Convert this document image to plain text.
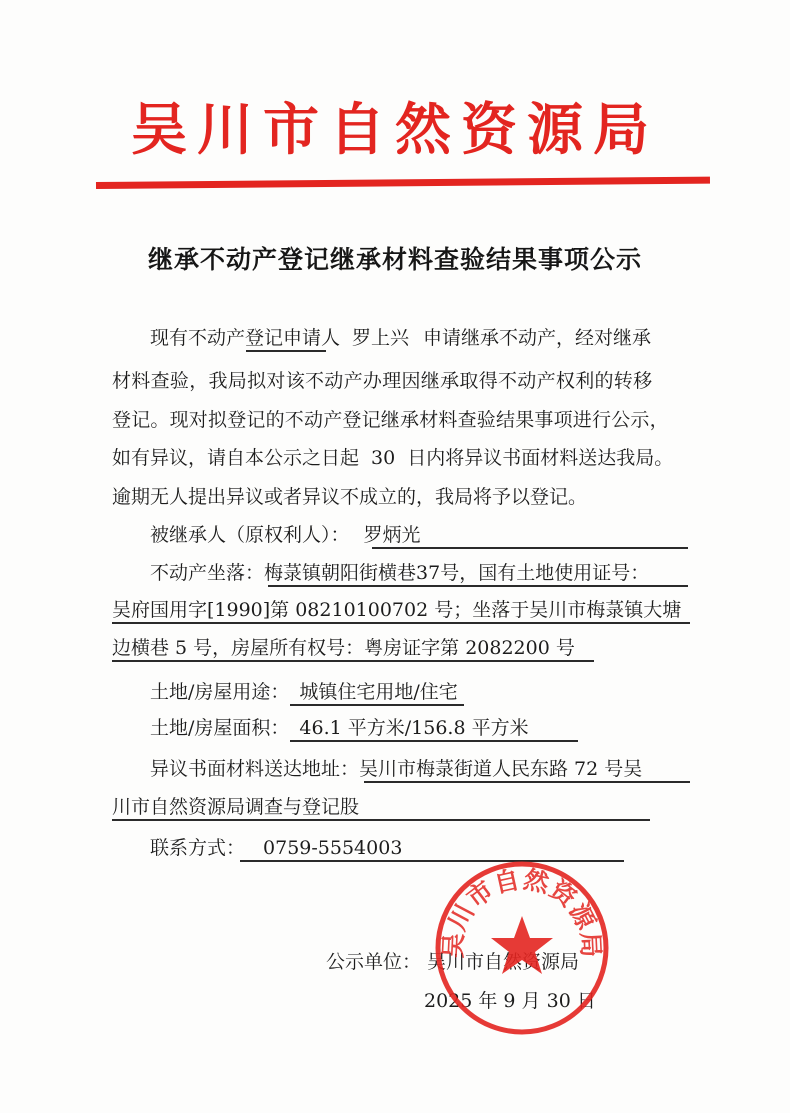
吴川市自然资源局
继承不动产登记继承材料查验结果事项公示
现有不动产登记申请人 罗上兴 申请继承不动产，经对继承
材料查验，我局拟对该不动产办理因继承取得不动产权利的转移
登记。现对拟登记的不动产登记继承材料查验结果事项进行公示，
如有异议，请自本公示之日起 30 日内将异议书面材料送达我局。
逾期无人提出异议或者异议不成立的，我局将予以登记。
被继承人（原权利人）： 罗炳光
不动产坐落：梅菉镇朝阳街横巷37号，国有土地使用证号：
吴府国用字[1990]第 08210100702 号；坐落于吴川市梅菉镇大塘
边横巷 5 号，房屋所有权号：粤房证字第 2082200 号
土地/房屋用途： 城镇住宅用地/住宅
土地/房屋面积： 46.1 平方米/156.8 平方米
异议书面材料送达地址：吴川市梅菉街道人民东路 72 号吴
川市自然资源局调查与登记股
联系方式： 0759-5554003
公示单位： 吴川市自然资源局
2025 年 9 月 30 日
吴川市自然资源局
